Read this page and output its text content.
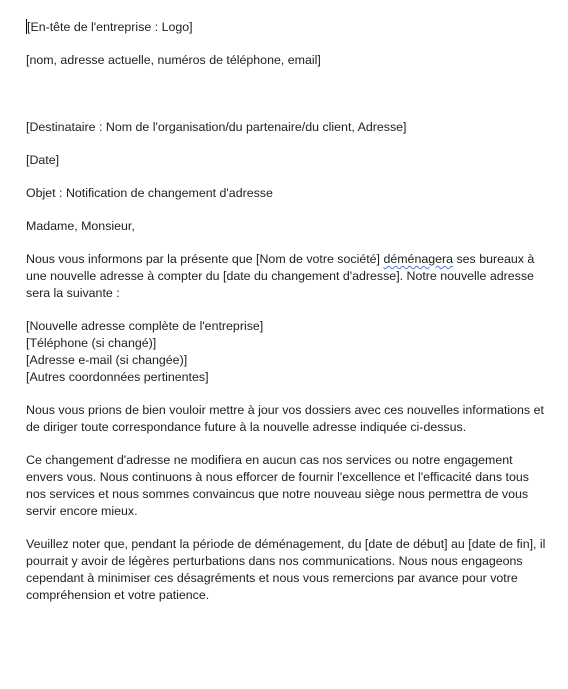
[En-tête de l'entreprise : Logo]

[nom, adresse actuelle, numéros de téléphone, email]

[Destinataire : Nom de l'organisation/du partenaire/du client, Adresse]

[Date]

Objet : Notification de changement d'adresse

Madame, Monsieur,

Nous vous informons par la présente que [Nom de votre société] déménagera ses bureaux à une nouvelle adresse à compter du [date du changement d'adresse]. Notre nouvelle adresse sera la suivante :

[Nouvelle adresse complète de l'entreprise]
[Téléphone (si changé)]
[Adresse e-mail (si changée)]
[Autres coordonnées pertinentes]

Nous vous prions de bien vouloir mettre à jour vos dossiers avec ces nouvelles informations et de diriger toute correspondance future à la nouvelle adresse indiquée ci-dessus.

Ce changement d'adresse ne modifiera en aucun cas nos services ou notre engagement envers vous. Nous continuons à nous efforcer de fournir l'excellence et l'efficacité dans tous nos services et nous sommes convaincus que notre nouveau siège nous permettra de vous servir encore mieux.

Veuillez noter que, pendant la période de déménagement, du [date de début] au [date de fin], il pourrait y avoir de légères perturbations dans nos communications. Nous nous engageons cependant à minimiser ces désagréments et nous vous remercions par avance pour votre compréhension et votre patience.
